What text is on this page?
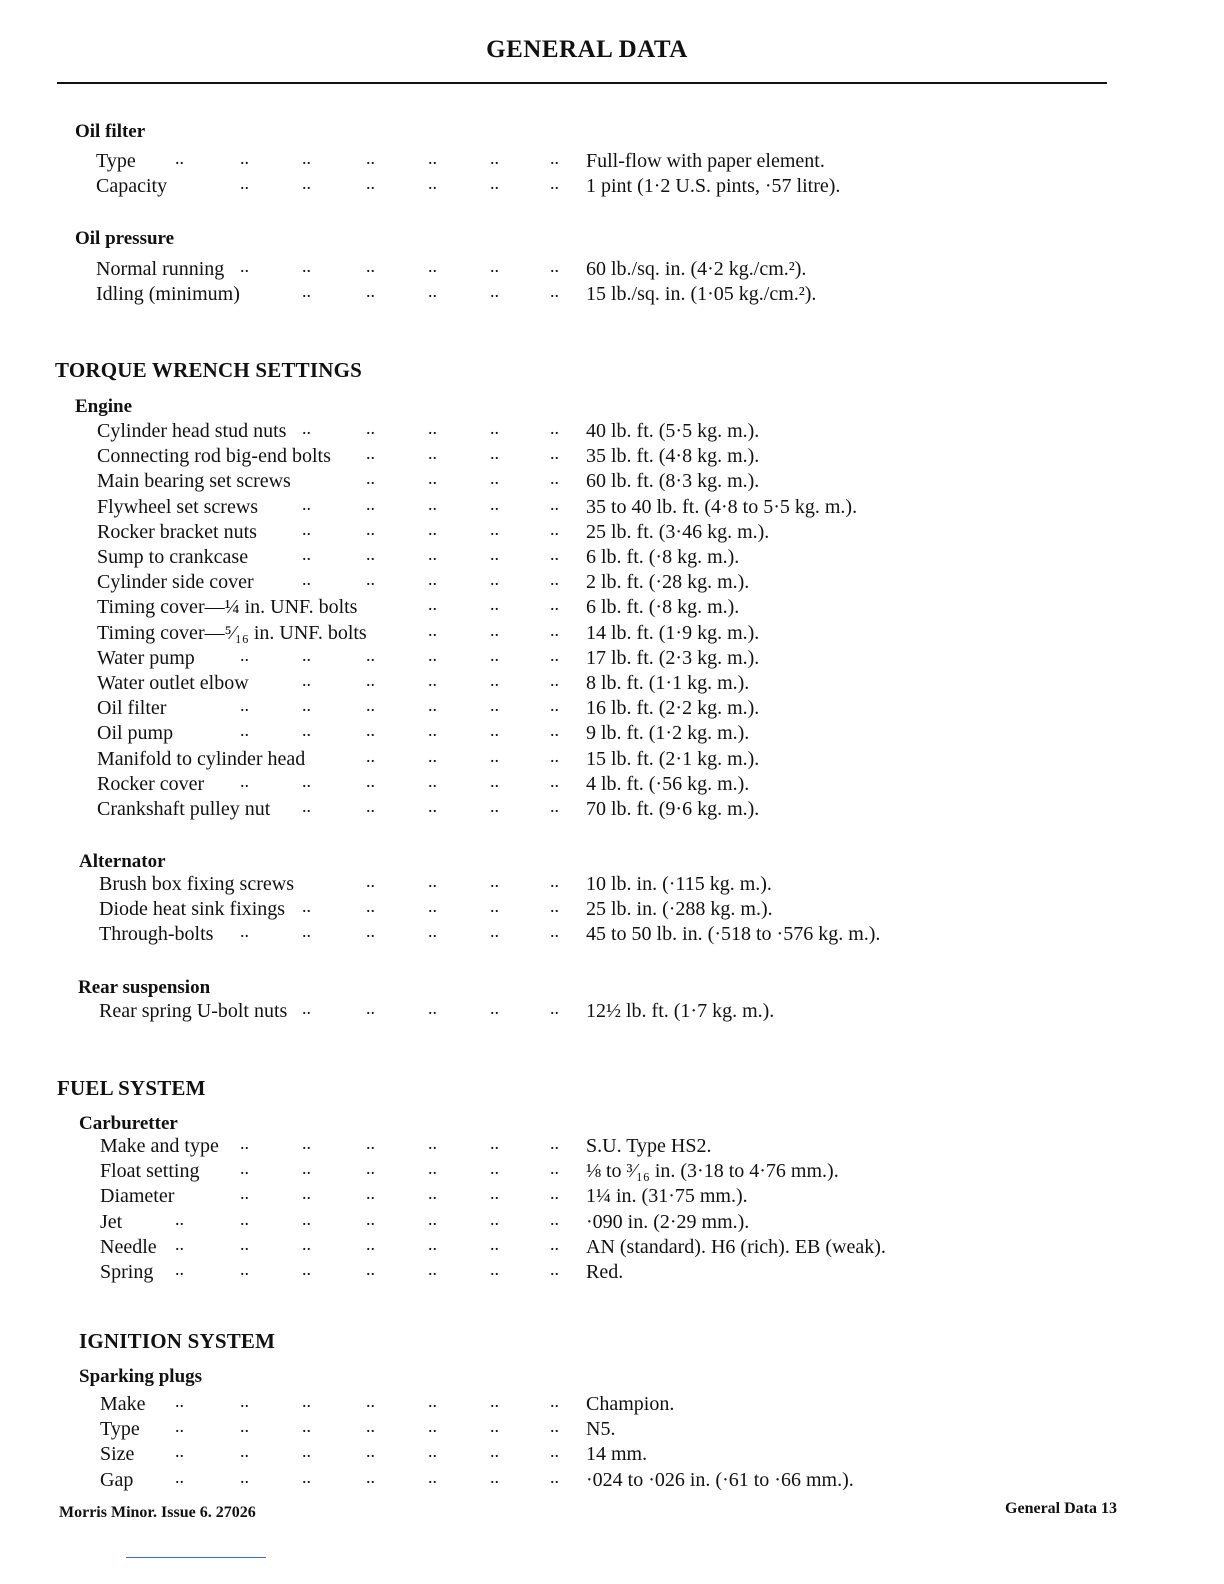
GENERAL DATA
Oil filter
Type	Full-flow with paper element.
..	..	..	..	..	..	..
Capacity	1 pint (1·2 U.S. pints, ·57 litre).
..	..	..	..	..	..
Oil pressure
Normal running	60 lb./sq. in. (4·2 kg./cm.²).
..	..	..	..	..	..
Idling (minimum)	15 lb./sq. in. (1·05 kg./cm.²).
..	..	..	..	..
TORQUE WRENCH SETTINGS
Engine
Cylinder head stud nuts	40 lb. ft. (5·5 kg. m.).
..	..	..	..	..
Connecting rod big-end bolts	35 lb. ft. (4·8 kg. m.).
..	..	..	..
Main bearing set screws	60 lb. ft. (8·3 kg. m.).
..	..	..	..
Flywheel set screws	35 to 40 lb. ft. (4·8 to 5·5 kg. m.).
..	..	..	..	..
Rocker bracket nuts	25 lb. ft. (3·46 kg. m.).
..	..	..	..	..
Sump to crankcase	6 lb. ft. (·8 kg. m.).
..	..	..	..	..
Cylinder side cover	2 lb. ft. (·28 kg. m.).
..	..	..	..	..
Timing cover—¼ in. UNF. bolts	6 lb. ft. (·8 kg. m.).
..	..	..
Timing cover—⁵⁄₁₆ in. UNF. bolts	14 lb. ft. (1·9 kg. m.).
..	..	..
Water pump	17 lb. ft. (2·3 kg. m.).
..	..	..	..	..	..
Water outlet elbow	8 lb. ft. (1·1 kg. m.).
..	..	..	..	..
Oil filter	16 lb. ft. (2·2 kg. m.).
..	..	..	..	..	..
Oil pump	9 lb. ft. (1·2 kg. m.).
..	..	..	..	..	..
Manifold to cylinder head	15 lb. ft. (2·1 kg. m.).
..	..	..	..
Rocker cover	4 lb. ft. (·56 kg. m.).
..	..	..	..	..	..
Crankshaft pulley nut	70 lb. ft. (9·6 kg. m.).
..	..	..	..	..
Alternator
Brush box fixing screws	10 lb. in. (·115 kg. m.).
..	..	..	..
Diode heat sink fixings	25 lb. in. (·288 kg. m.).
..	..	..	..	..
Through-bolts	45 to 50 lb. in. (·518 to ·576 kg. m.).
..	..	..	..	..	..
Rear suspension
Rear spring U-bolt nuts	12½ lb. ft. (1·7 kg. m.).
..	..	..	..	..
FUEL SYSTEM
Carburetter
Make and type	S.U. Type HS2.
..	..	..	..	..	..
Float setting	⅛ to ³⁄₁₆ in. (3·18 to 4·76 mm.).
..	..	..	..	..	..
Diameter	1¼ in. (31·75 mm.).
..	..	..	..	..	..
Jet	·090 in. (2·29 mm.).
..	..	..	..	..	..	..
Needle	AN (standard). H6 (rich). EB (weak).
..	..	..	..	..	..	..
Spring	Red.
..	..	..	..	..	..	..
IGNITION SYSTEM
Sparking plugs
Make	Champion.
..	..	..	..	..	..	..
Type	N5.
..	..	..	..	..	..	..
Size	14 mm.
..	..	..	..	..	..	..
Gap	·024 to ·026 in. (·61 to ·66 mm.).
..	..	..	..	..	..	..
Morris Minor. Issue 6. 27026	General Data 13
